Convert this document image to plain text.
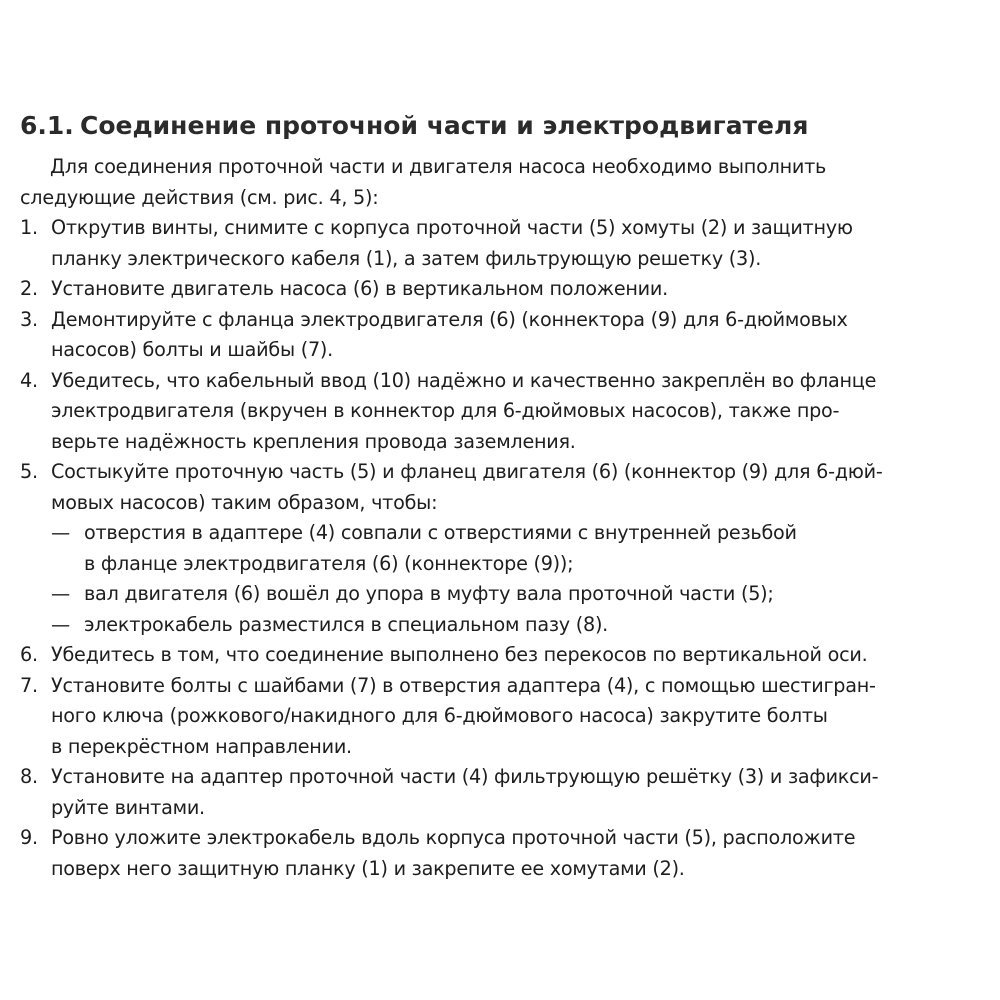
6.1. Соединение проточной части и электродвигателя

Для соединения проточной части и двигателя насоса необходимо выполнить

следующие действия (см. рис. 4, 5):

1. Открутив винты, снимите с корпуса проточной части (5) хомуты (2) и защитную
планку электрического кабеля (1), а затем фильтрующую решетку (3).
2. Установите двигатель насоса (6) в вертикальном положении.
3. Демонтируйте с фланца электродвигателя (6) (коннектора (9) для 6-дюймовых
насосов) болты и шайбы (7).
4. Убедитесь, что кабельный ввод (10) надёжно и качественно закреплён во фланце
электродвигателя (вкручен в коннектор для 6-дюймовых насосов), также про-
верьте надёжность крепления провода заземления.
5. Состыкуйте проточную часть (5) и фланец двигателя (6) (коннектор (9) для 6-дюй-
мовых насосов) таким образом, чтобы:
— отверстия в адаптере (4) совпали с отверстиями с внутренней резьбой
в фланце электродвигателя (6) (коннекторе (9));
— вал двигателя (6) вошёл до упора в муфту вала проточной части (5);
— электрокабель разместился в специальном пазу (8).
6. Убедитесь в том, что соединение выполнено без перекосов по вертикальной оси.
7. Установите болты с шайбами (7) в отверстия адаптера (4), с помощью шестигран-
ного ключа (рожкового/накидного для 6-дюймового насоса) закрутите болты
в перекрёстном направлении.
8. Установите на адаптер проточной части (4) фильтрующую решётку (3) и зафикси-
руйте винтами.
9. Ровно уложите электрокабель вдоль корпуса проточной части (5), расположите
поверх него защитную планку (1) и закрепите ее хомутами (2).
